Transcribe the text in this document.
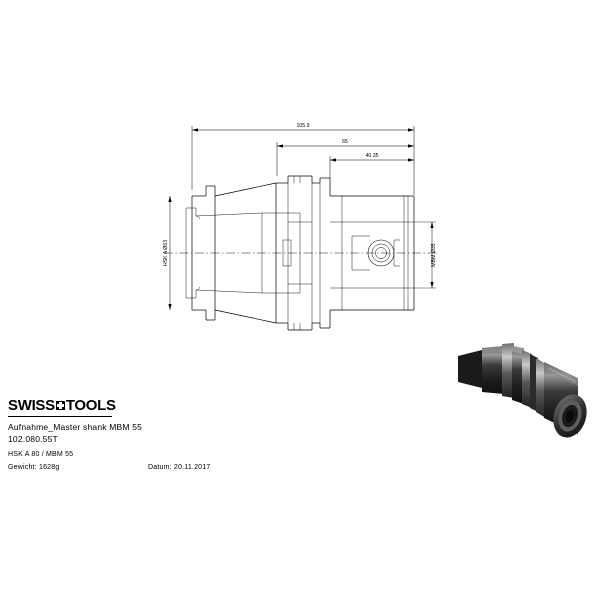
105.9
65
40.35
HSK A Ø63	MBM Ø35
SWISS TOOLS
Aufnahme_Master shank MBM 55
102.080.55T
HSK A 80 / MBM 55
Gewicht: 1628g	Datum: 20.11.2017
